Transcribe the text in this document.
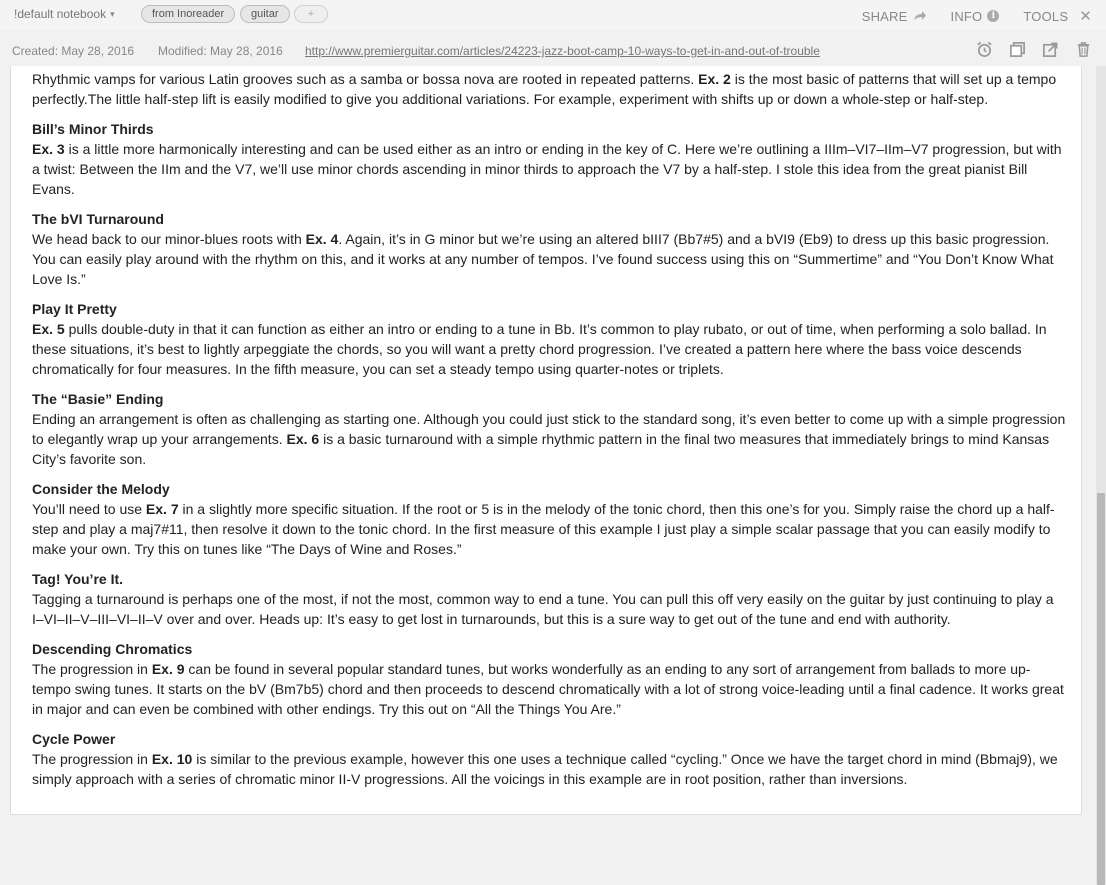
!default notebook ▾	from Inoreader	guitar	+	SHARE	INFO	i	TOOLS ✕
Created: May 28, 2016 Modified: May 28, 2016 http://www.premierguitar.com/articles/24223-jazz-boot-camp-10-ways-to-get-in-and-out-of-trouble

Rhythmic vamps for various Latin grooves such as a samba or bossa nova are rooted in repeated patterns. Ex. 2 is the most basic of patterns that will set up a tempo perfectly.The little half-step lift is easily modified to give you additional variations. For example, experiment with shifts up or down a whole-step or half-step.

Bill’s Minor Thirds

Ex. 3 is a little more harmonically interesting and can be used either as an intro or ending in the key of C. Here we’re outlining a IIIm–VI7–IIm–V7 progression, but with a twist: Between the IIm and the V7, we’ll use minor chords ascending in minor thirds to approach the V7 by a half-step. I stole this idea from the great pianist Bill Evans.

The bVI Turnaround

We head back to our minor-blues roots with Ex. 4. Again, it’s in G minor but we’re using an altered bIII7 (Bb7#5) and a bVI9 (Eb9) to dress up this basic progression. You can easily play around with the rhythm on this, and it works at any number of tempos. I’ve found success using this on “Summertime” and “You Don’t Know What Love Is.”

Play It Pretty

Ex. 5 pulls double-duty in that it can function as either an intro or ending to a tune in Bb. It’s common to play rubato, or out of time, when performing a solo ballad. In these situations, it’s best to lightly arpeggiate the chords, so you will want a pretty chord progression. I’ve created a pattern here where the bass voice descends chromatically for four measures. In the fifth measure, you can set a steady tempo using quarter-notes or triplets.

The “Basie” Ending

Ending an arrangement is often as challenging as starting one. Although you could just stick to the standard song, it’s even better to come up with a simple progression to elegantly wrap up your arrangements. Ex. 6 is a basic turnaround with a simple rhythmic pattern in the final two measures that immediately brings to mind Kansas City’s favorite son.

Consider the Melody

You’ll need to use Ex. 7 in a slightly more specific situation. If the root or 5 is in the melody of the tonic chord, then this one’s for you. Simply raise the chord up a half-step and play a maj7#11, then resolve it down to the tonic chord. In the first measure of this example I just play a simple scalar passage that you can easily modify to make your own. Try this on tunes like “The Days of Wine and Roses.”

Tag! You’re It.

Tagging a turnaround is perhaps one of the most, if not the most, common way to end a tune. You can pull this off very easily on the guitar by just continuing to play a I–VI–II–V–III–VI–II–V over and over. Heads up: It’s easy to get lost in turnarounds, but this is a sure way to get out of the tune and end with authority.

Descending Chromatics

The progression in Ex. 9 can be found in several popular standard tunes, but works wonderfully as an ending to any sort of arrangement from ballads to more up-tempo swing tunes. It starts on the bV (Bm7b5) chord and then proceeds to descend chromatically with a lot of strong voice-leading until a final cadence. It works great in major and can even be combined with other endings. Try this out on “All the Things You Are.”

Cycle Power

The progression in Ex. 10 is similar to the previous example, however this one uses a technique called “cycling.” Once we have the target chord in mind (Bbmaj9), we simply approach with a series of chromatic minor II-V progressions. All the voicings in this example are in root position, rather than inversions.
